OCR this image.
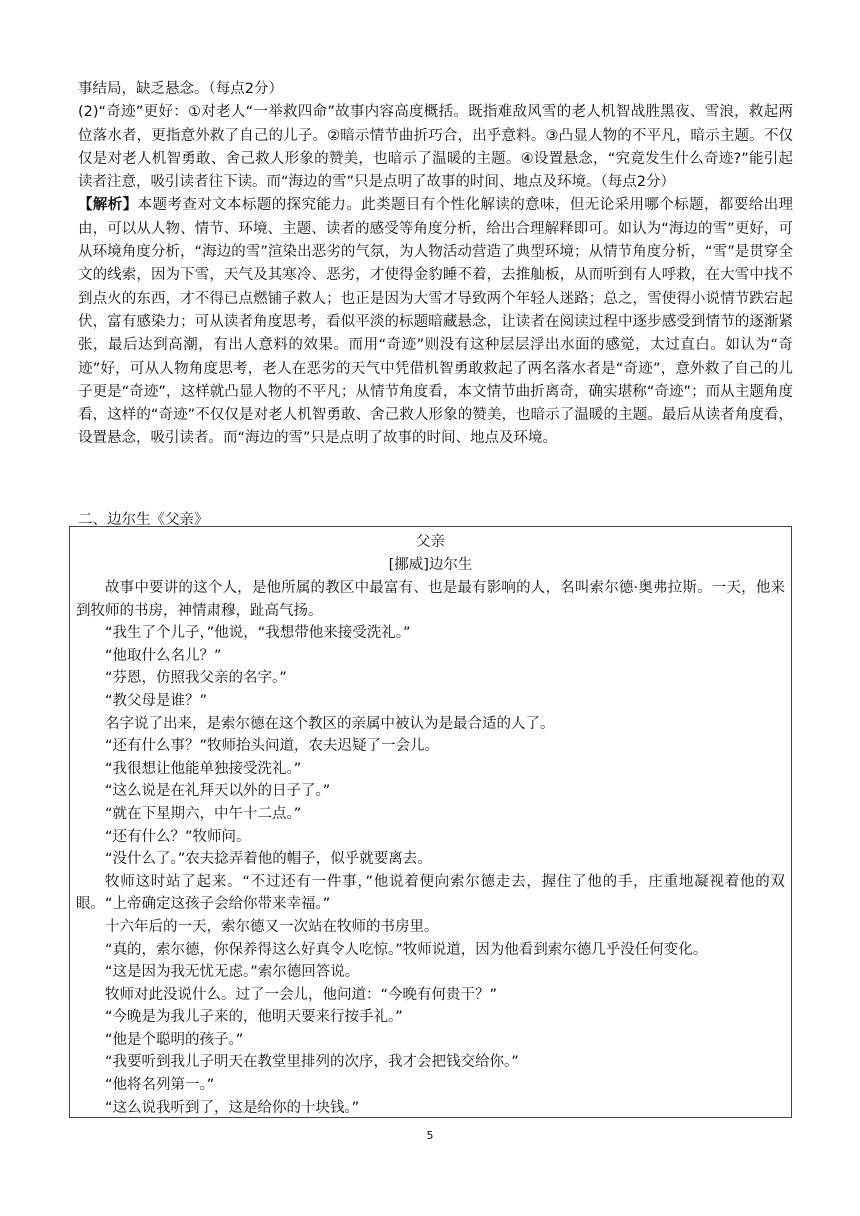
事结局，缺乏悬念。（每点2分）

(2)“奇迹”更好：①对老人“一举救四命”故事内容高度概括。既指难敌风雪的老人机智战胜黑夜、雪浪，救起两位落水者，更指意外救了自己的儿子。②暗示情节曲折巧合，出乎意料。③凸显人物的不平凡，暗示主题。不仅仅是对老人机智勇敢、舍己救人形象的赞美，也暗示了温暖的主题。④设置悬念，“究竟发生什么奇迹?”能引起读者注意，吸引读者往下读。而“海边的雪”只是点明了故事的时间、地点及环境。（每点2分）

【解析】本题考查对文本标题的探究能力。此类题目有个性化解读的意味，但无论采用哪个标题，都要给出理由，可以从人物、情节、环境、主题、读者的感受等角度分析，给出合理解释即可。如认为“海边的雪”更好，可从环境角度分析，“海边的雪”渲染出恶劣的气氛，为人物活动营造了典型环境；从情节角度分析，“雪”是贯穿全文的线索，因为下雪，天气及其寒冷、恶劣，才使得金豹睡不着，去推舢板，从而听到有人呼救，在大雪中找不到点火的东西，才不得已点燃铺子救人；也正是因为大雪才导致两个年轻人迷路；总之，雪使得小说情节跌宕起伏，富有感染力；可从读者角度思考，看似平淡的标题暗藏悬念，让读者在阅读过程中逐步感受到情节的逐渐紧张，最后达到高潮，有出人意料的效果。而用“奇迹”则没有这种层层浮出水面的感觉，太过直白。如认为“奇迹”好，可从人物角度思考，老人在恶劣的天气中凭借机智勇敢救起了两名落水者是“奇迹”，意外救了自己的儿子更是“奇迹”，这样就凸显人物的不平凡；从情节角度看，本文情节曲折离奇，确实堪称“奇迹”；而从主题角度看，这样的“奇迹”不仅仅是对老人机智勇敢、舍己救人形象的赞美，也暗示了温暖的主题。最后从读者角度看，设置悬念，吸引读者。而“海边的雪”只是点明了故事的时间、地点及环境。

二、边尔生《父亲》

父亲

[挪威]边尔生

故事中要讲的这个人，是他所属的教区中最富有、也是最有影响的人，名叫索尔德·奥弗拉斯。一天，他来到牧师的书房，神情肃穆，趾高气扬。

“我生了个儿子，”他说，“我想带他来接受洗礼。”

“他取什么名儿？”

“芬恩，仿照我父亲的名字。”

“教父母是谁？”

名字说了出来，是索尔德在这个教区的亲属中被认为是最合适的人了。

“还有什么事？”牧师抬头问道，农夫迟疑了一会儿。

“我很想让他能单独接受洗礼。”

“这么说是在礼拜天以外的日子了。”

“就在下星期六，中午十二点。”

“还有什么？”牧师问。

“没什么了。”农夫捻弄着他的帽子，似乎就要离去。

牧师这时站了起来。“不过还有一件事，”他说着便向索尔德走去，握住了他的手，庄重地凝视着他的双眼。“上帝确定这孩子会给你带来幸福。”

十六年后的一天，索尔德又一次站在牧师的书房里。

“真的，索尔德，你保养得这么好真令人吃惊。”牧师说道，因为他看到索尔德几乎没任何变化。

“这是因为我无忧无虑。”索尔德回答说。

牧师对此没说什么。过了一会儿，他问道：“今晚有何贵干？”

“今晚是为我儿子来的，他明天要来行按手礼。”

“他是个聪明的孩子。”

“我要听到我儿子明天在教堂里排列的次序，我才会把钱交给你。”

“他将名列第一。”

“这么说我听到了，这是给你的十块钱。”

5
